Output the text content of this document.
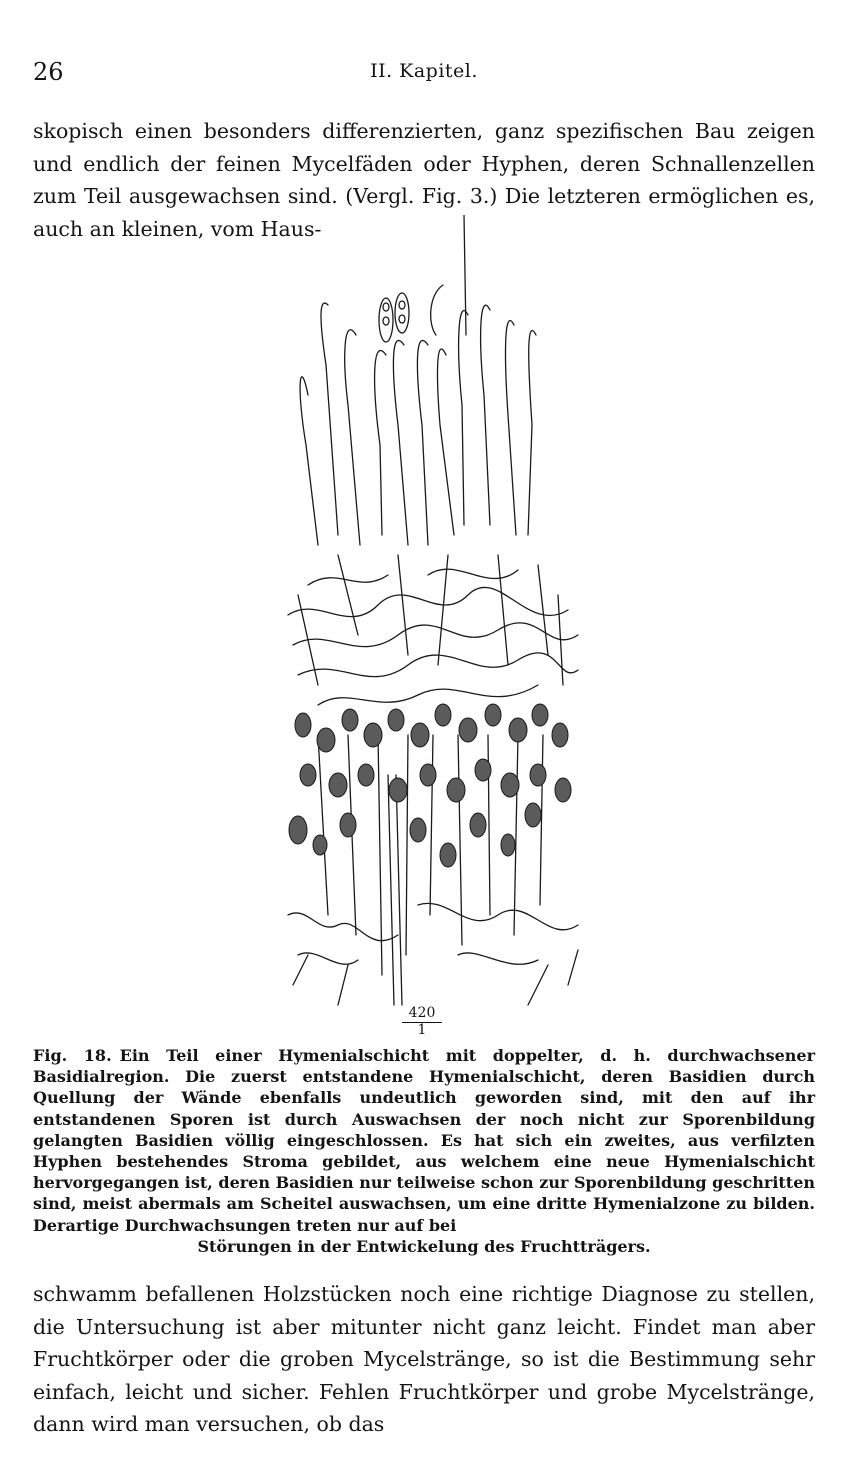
26	II. Kapitel.

skopisch einen besonders differenzierten, ganz spezifischen Bau zeigen und endlich der feinen Mycelfäden oder Hyphen, deren Schnallenzellen zum Teil ausgewachsen sind. (Vergl. Fig. 3.) Die letzteren ermöglichen es, auch an kleinen, vom Haus-

$\frac{420}{1}$

Fig. 18. Ein Teil einer Hymenialschicht mit doppelter, d. h. durchwachsener Basidialregion. Die zuerst entstandene Hymenialschicht, deren Basidien durch Quellung der Wände ebenfalls undeutlich geworden sind, mit den auf ihr entstandenen Sporen ist durch Auswachsen der noch nicht zur Sporenbildung gelangten Basidien völlig eingeschlossen. Es hat sich ein zweites, aus verfilzten Hyphen bestehendes Stroma gebildet, aus welchem eine neue Hymenialschicht hervorgegangen ist, deren Basidien nur teilweise schon zur Sporenbildung geschritten sind, meist abermals am Scheitel auswachsen, um eine dritte Hymenialzone zu bilden. Derartige Durchwachsungen treten nur auf bei
Störungen in der Entwickelung des Fruchtträgers.

schwamm befallenen Holzstücken noch eine richtige Diagnose zu stellen, die Untersuchung ist aber mitunter nicht ganz leicht. Findet man aber Fruchtkörper oder die groben Mycelstränge, so ist die Bestimmung sehr einfach, leicht und sicher. Fehlen Fruchtkörper und grobe Mycelstränge, dann wird man versuchen, ob das
